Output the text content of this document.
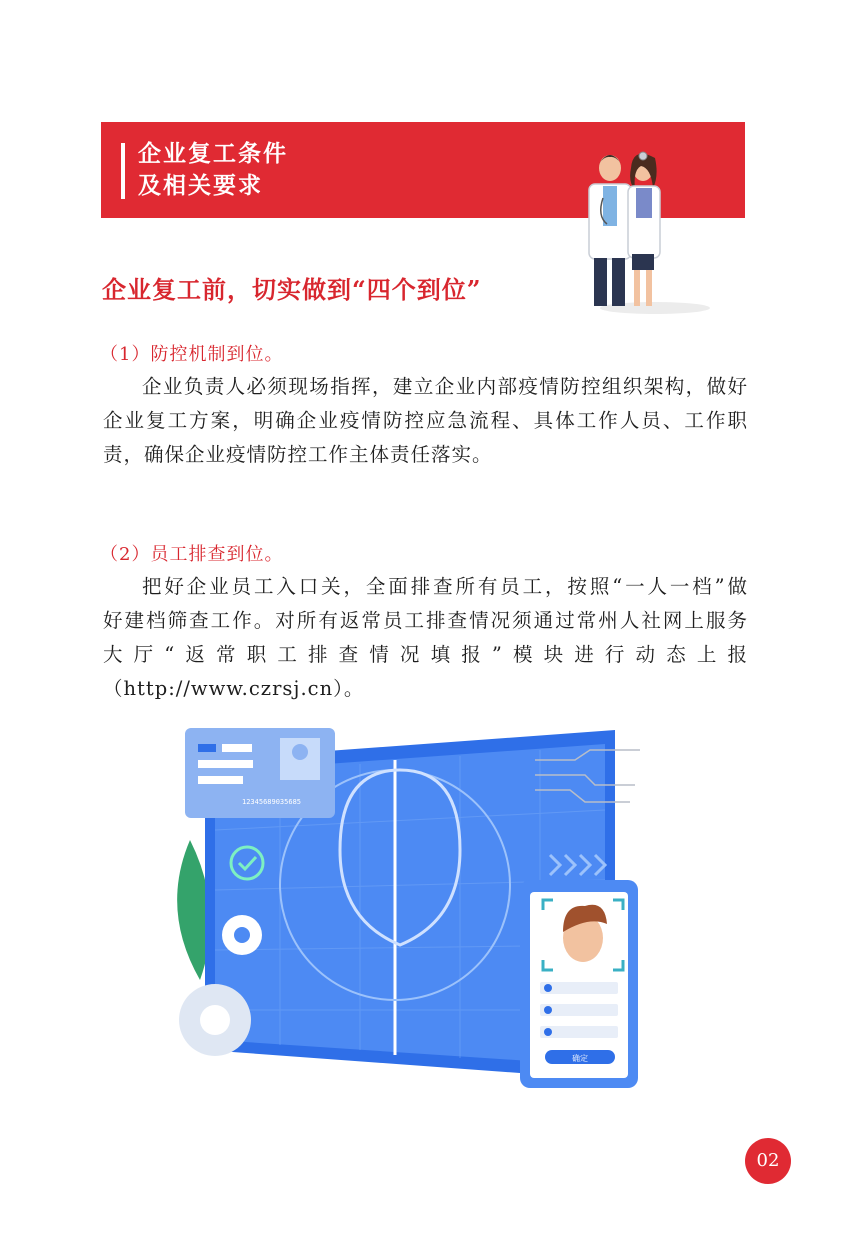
企业复工条件
及相关要求
企业复工前，切实做到“四个到位”
（1）防控机制到位。

企业负责人必须现场指挥，建立企业内部疫情防控组织架构，做好企业复工方案，明确企业疫情防控应急流程、具体工作人员、工作职责，确保企业疫情防控工作主体责任落实。

（2）员工排查到位。

把好企业员工入口关，全面排查所有员工，按照“一人一档”做
好建档筛查工作。对所有返常员工排查情况须通过常州人社网上服务
大厅“返常职工排查情况填报”模块进行动态上报
（http://www.czrsj.cn）。

12345689035685
确定
02
